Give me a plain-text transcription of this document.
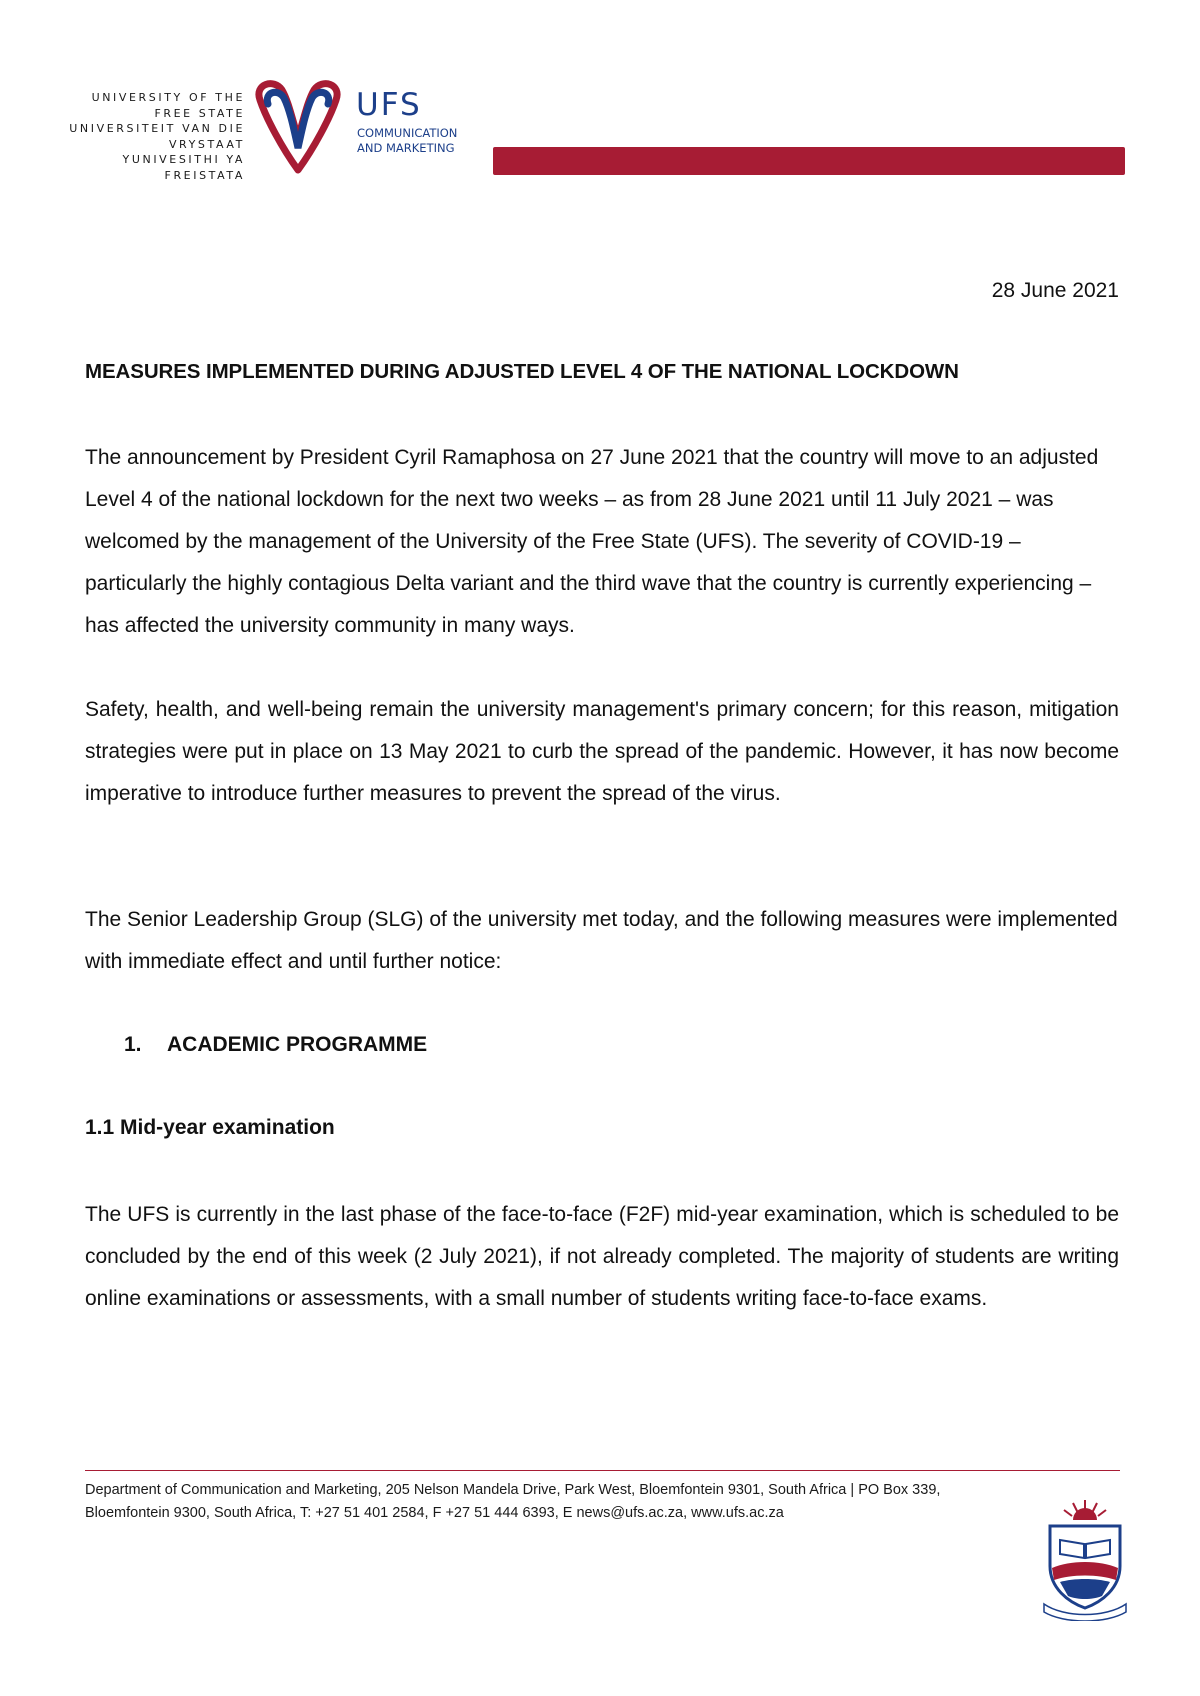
UNIVERSITY OF THE
FREE STATE
UNIVERSITEIT VAN DIE
VRYSTAAT
YUNIVESITHI YA
FREISTATA
UFS
COMMUNICATION
AND MARKETING
28 June 2021
MEASURES IMPLEMENTED DURING ADJUSTED LEVEL 4 OF THE NATIONAL LOCKDOWN

The announcement by President Cyril Ramaphosa on 27 June 2021 that the country will move to an adjusted Level 4 of the national lockdown for the next two weeks – as from 28 June 2021 until 11 July 2021 – was welcomed by the management of the University of the Free State (UFS). The severity of COVID-19 – particularly the highly contagious Delta variant and the third wave that the country is currently experiencing – has affected the university community in many ways.

Safety, health, and well-being remain the university management's primary concern; for this reason, mitigation strategies were put in place on 13 May 2021 to curb the spread of the pandemic. However, it has now become imperative to introduce further measures to prevent the spread of the virus.

The Senior Leadership Group (SLG) of the university met today, and the following measures were implemented with immediate effect and until further notice:

1. ACADEMIC PROGRAMME
1.1 Mid-year examination

The UFS is currently in the last phase of the face-to-face (F2F) mid-year examination, which is scheduled to be concluded by the end of this week (2 July 2021), if not already completed. The majority of students are writing online examinations or assessments, with a small number of students writing face-to-face exams.

Department of Communication and Marketing, 205 Nelson Mandela Drive, Park West, Bloemfontein 9301, South Africa | PO Box 339,
Bloemfontein 9300, South Africa, T: +27 51 401 2584, F +27 51 444 6393, E news@ufs.ac.za, www.ufs.ac.za
